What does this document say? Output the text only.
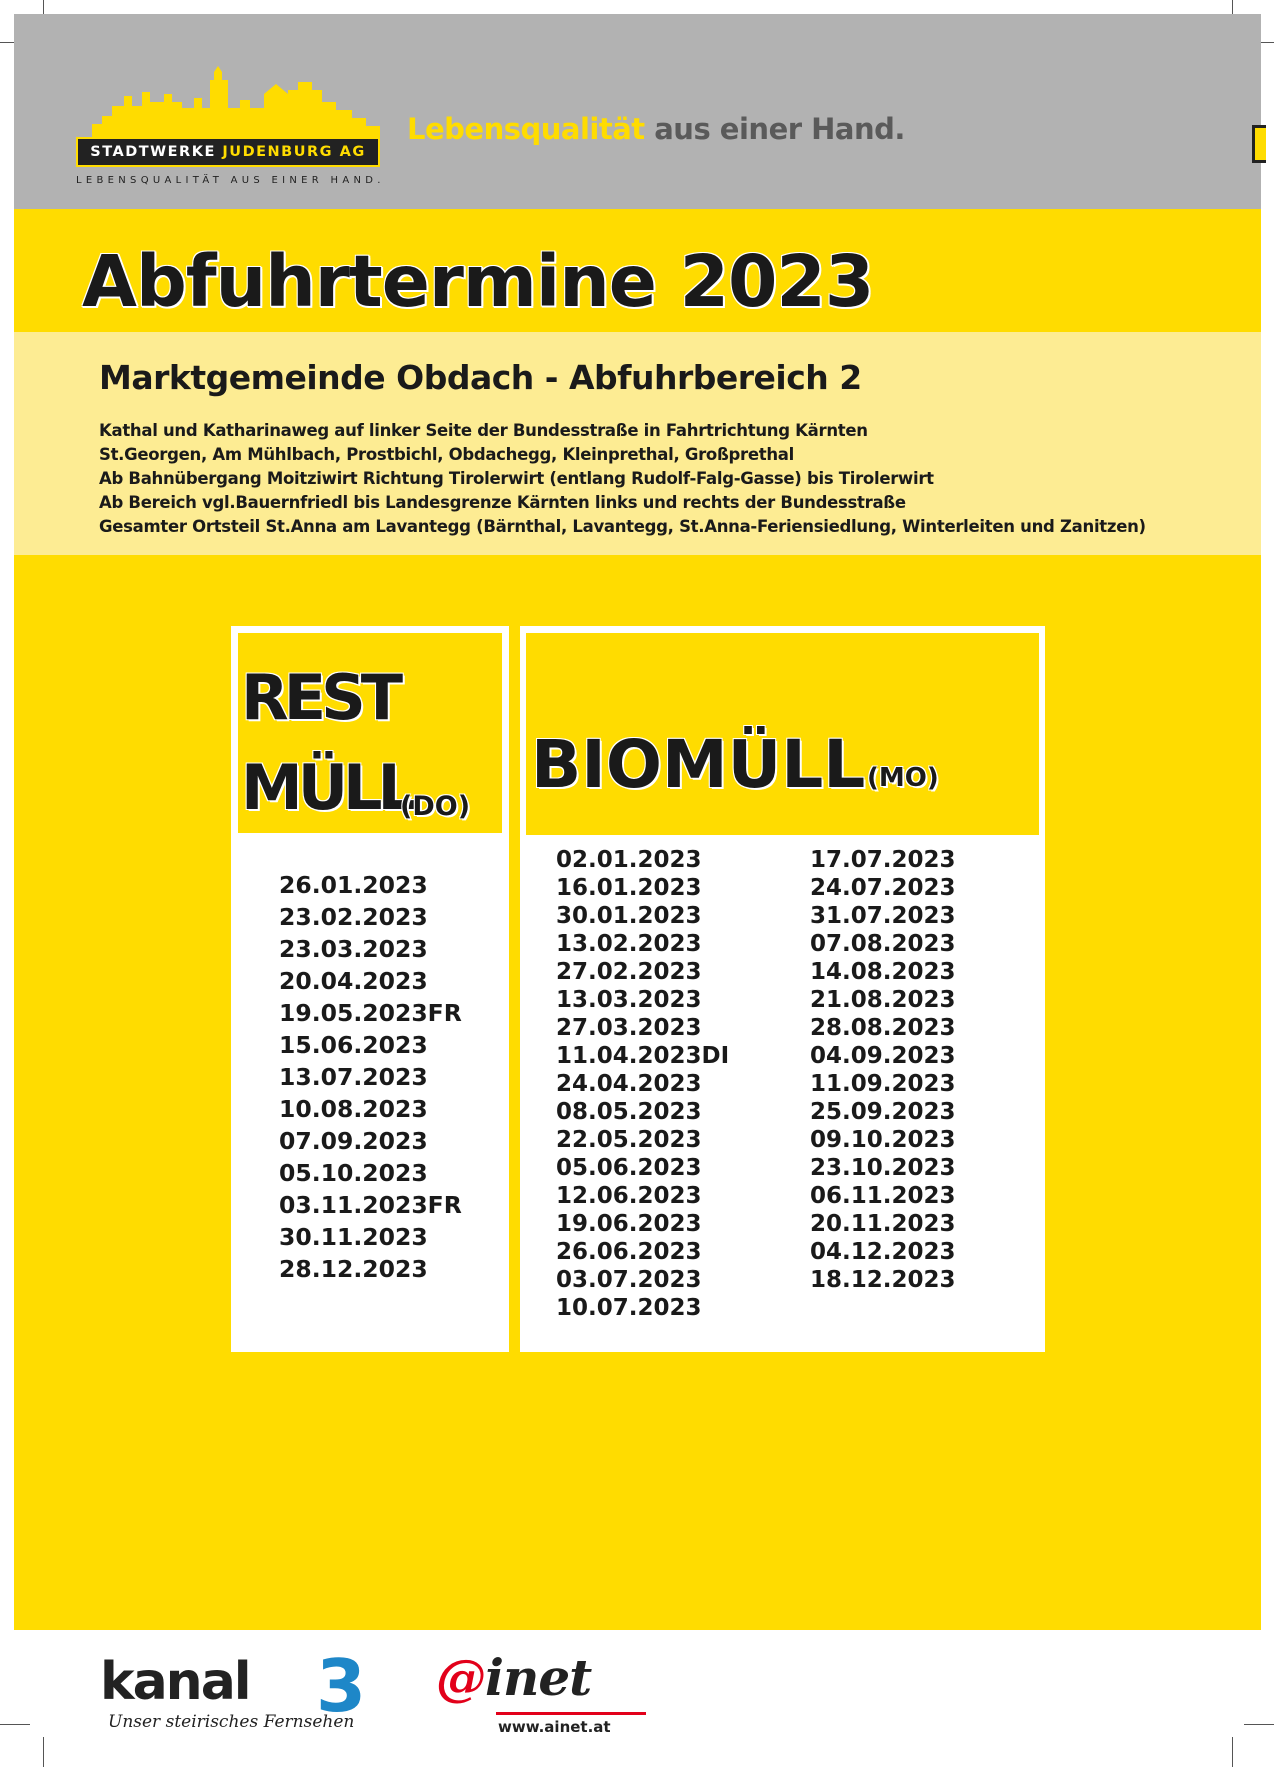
STADTWERKE JUDENBURG AG
LEBENSQUALITÄT AUS EINER HAND.
Lebensqualität aus einer Hand.
Abfuhrtermine 2023
Marktgemeinde Obdach - Abfuhrbereich 2
Kathal und Katharinaweg auf linker Seite der Bundesstraße in Fahrtrichtung Kärnten
St.Georgen, Am Mühlbach, Prostbichl, Obdachegg, Kleinprethal, Großprethal
Ab Bahnübergang Moitziwirt Richtung Tirolerwirt (entlang Rudolf-Falg-Gasse) bis Tirolerwirt
Ab Bereich vgl.Bauernfriedl bis Landesgrenze Kärnten links und rechts der Bundesstraße
Gesamter Ortsteil St.Anna am Lavantegg (Bärnthal, Lavantegg, St.Anna-Feriensiedlung, Winterleiten und Zanitzen)
REST
MÜLL
(DO)
26.01.2023
23.02.2023
23.03.2023
20.04.2023
19.05.2023FR
15.06.2023
13.07.2023
10.08.2023
07.09.2023
05.10.2023
03.11.2023FR
30.11.2023
28.12.2023
BIOMÜLL (MO)
02.01.2023
16.01.2023
30.01.2023
13.02.2023
27.02.2023
13.03.2023
27.03.2023
11.04.2023DI
24.04.2023
08.05.2023
22.05.2023
05.06.2023
12.06.2023
19.06.2023
26.06.2023
03.07.2023
10.07.2023
17.07.2023
24.07.2023
31.07.2023
07.08.2023
14.08.2023
21.08.2023
28.08.2023
04.09.2023
11.09.2023
25.09.2023
09.10.2023
23.10.2023
06.11.2023
20.11.2023
04.12.2023
18.12.2023
kanal 3
Unser steirisches Fernsehen
@inet
www.ainet.at
